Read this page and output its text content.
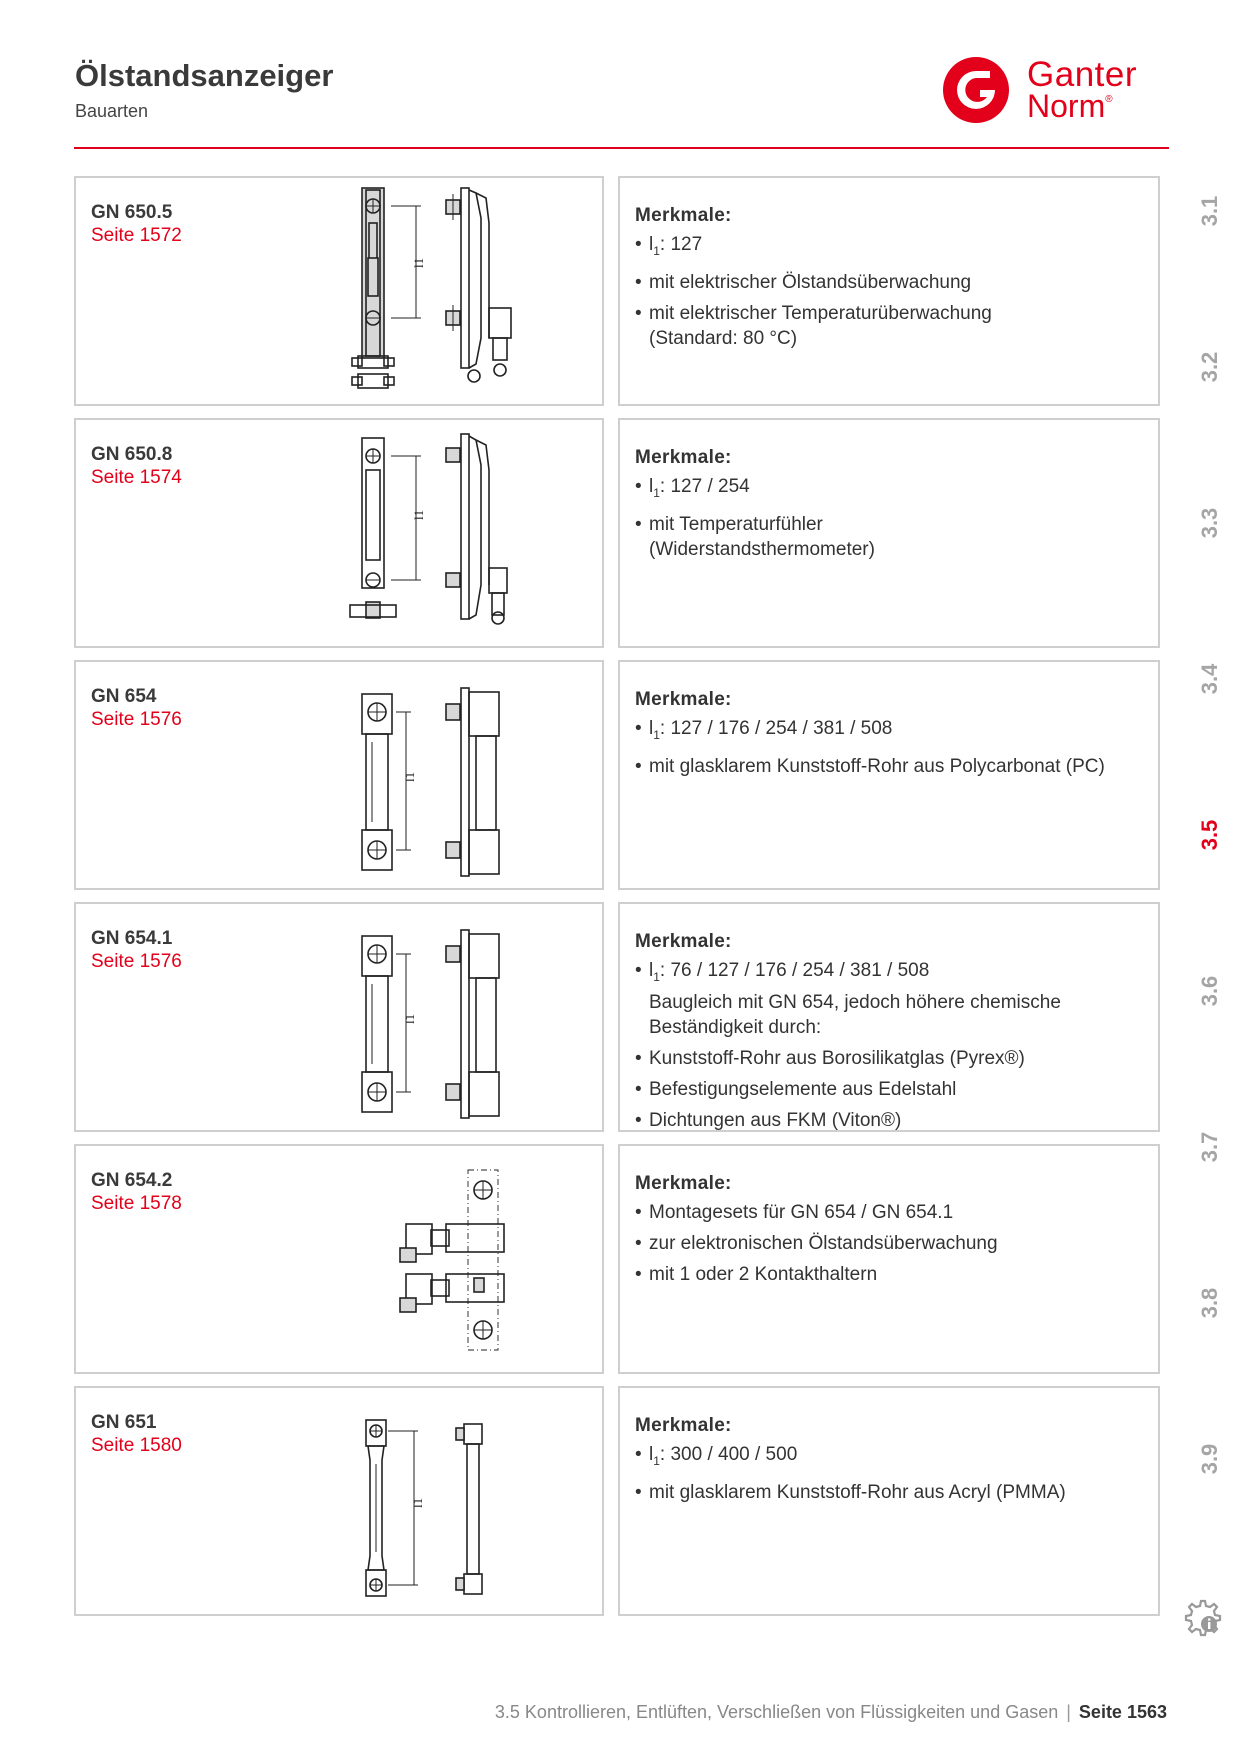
Ölstandsanzeiger
Bauarten
Ganter
Norm®
GN 650.5
Seite 1572
l1
Merkmale:
• $l_1$: 127
• mit elektrischer Ölstandsüberwachung
• mit elektrischer Temperaturüberwachung
(Standard: 80 °C)
GN 650.8
Seite 1574
l1
Merkmale:
• $l_1$: 127 / 254
• mit Temperaturfühler
(Widerstandsthermometer)
GN 654
Seite 1576
l1
Merkmale:
• $l_1$: 127 / 176 / 254 / 381 / 508
• mit glasklarem Kunststoff-Rohr aus Polycarbonat (PC)
GN 654.1
Seite 1576
l1
Merkmale:
• $l_1$: 76 / 127 / 176 / 254 / 381 / 508
Baugleich mit GN 654, jedoch höhere chemische
Beständigkeit durch:
• Kunststoff-Rohr aus Borosilikatglas (Pyrex®)
• Befestigungselemente aus Edelstahl
• Dichtungen aus FKM (Viton®)
GN 654.2
Seite 1578
Merkmale:
• Montagesets für GN 654 / GN 654.1
• zur elektronischen Ölstandsüberwachung
• mit 1 oder 2 Kontakthaltern
GN 651
Seite 1580
l1
Merkmale:
• $l_1$: 300 / 400 / 500
• mit glasklarem Kunststoff-Rohr aus Acryl (PMMA)
3.1
3.2
3.3
3.4
3.5
3.6
3.7
3.8
3.9
3.5 Kontrollieren, Entlüften, Verschließen von Flüssigkeiten und Gasen | Seite 1563
